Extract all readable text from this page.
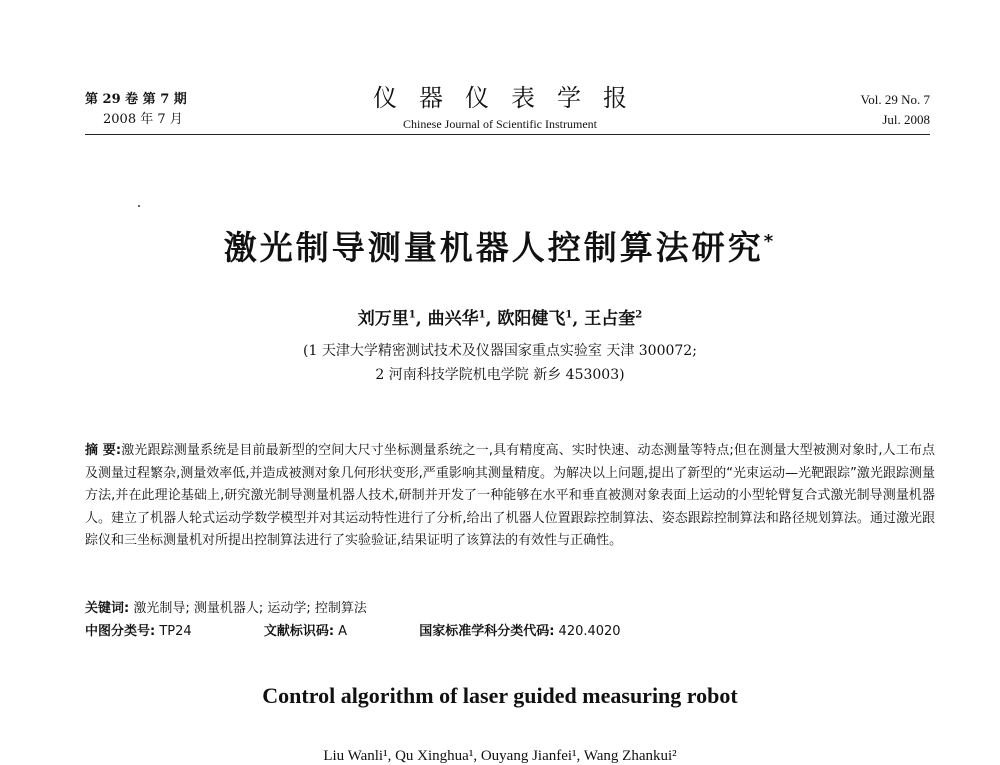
第 29 卷 第 7 期
2008 年 7 月
仪器仪表学报
Chinese Journal of Scientific Instrument
Vol. 29 No. 7
Jul. 2008
激光制导测量机器人控制算法研究*
刘万里$^1$, 曲兴华$^1$, 欧阳健飞$^1$, 王占奎$^2$
(1 天津大学精密测试技术及仪器国家重点实验室 天津 300072;
2 河南科技学院机电学院 新乡 453003)
摘 要:激光跟踪测量系统是目前最新型的空间大尺寸坐标测量系统之一,具有精度高、实时快速、动态测量等特点;但在测量大型被测对象时,人工布点及测量过程繁杂,测量效率低,并造成被测对象几何形状变形,严重影响其测量精度。为解决以上问题,提出了新型的“光束运动—光靶跟踪”激光跟踪测量方法,并在此理论基础上,研究激光制导测量机器人技术,研制并开发了一种能够在水平和垂直被测对象表面上运动的小型轮臂复合式激光制导测量机器人。建立了机器人轮式运动学数学模型并对其运动特性进行了分析,给出了机器人位置跟踪控制算法、姿态跟踪控制算法和路径规划算法。通过激光跟踪仪和三坐标测量机对所提出控制算法进行了实验验证,结果证明了该算法的有效性与正确性。
关键词: 激光制导; 测量机器人; 运动学; 控制算法
中图分类号: TP24	文献标识码: A	国家标准学科分类代码: 420.4020
Control algorithm of laser guided measuring robot
Liu Wanli¹, Qu Xinghua¹, Ouyang Jianfei¹, Wang Zhankui²
